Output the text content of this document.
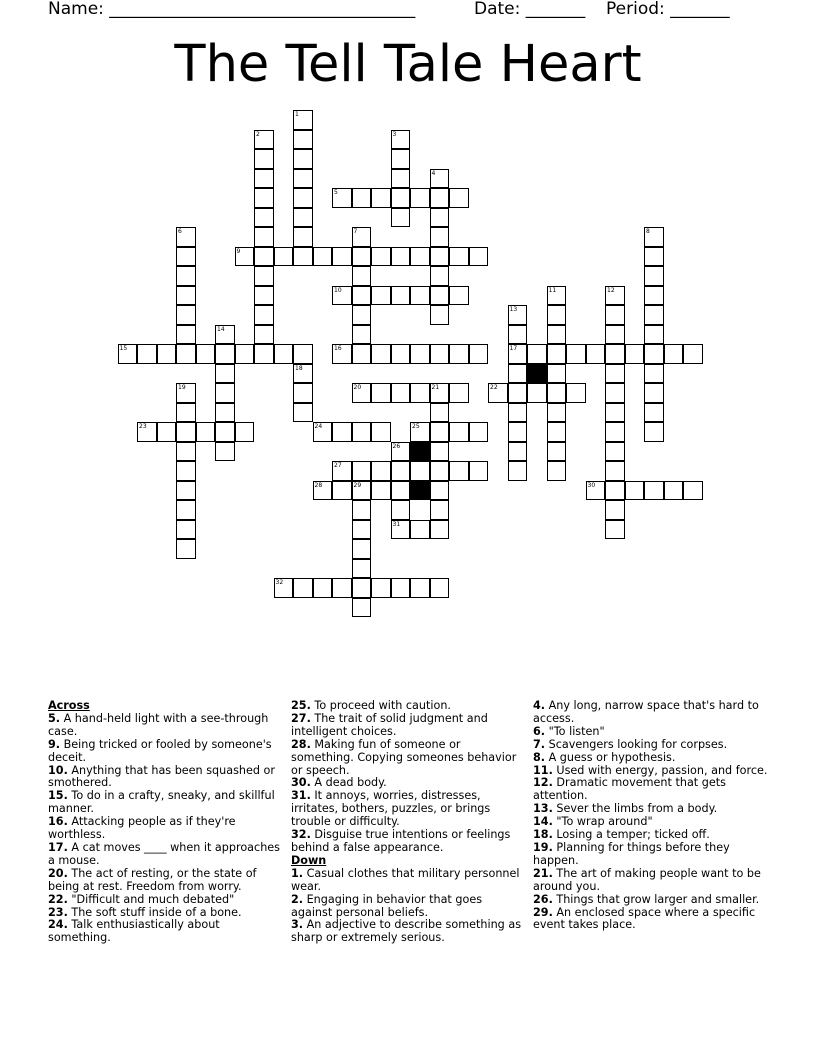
Name: ____________________________________	Date: _______ Period: _______
The Tell Tale Heart
1
2	3
4
5
6	7	8
9
10	11	12
13
17
14
15	16
18
19	20	21	22
23	24	25
26
27
28	29	30
31
32

Across

5. A hand-held light with a see-through case.

9. Being tricked or fooled by someone's deceit.

10. Anything that has been squashed or smothered.

15. To do in a crafty, sneaky, and skillful manner.

16. Attacking people as if they're worthless.

17. A cat moves ____ when it approaches a mouse.

20. The act of resting, or the state of being at rest. Freedom from worry.

22. "Difficult and much debated"

23. The soft stuff inside of a bone.

24. Talk enthusiastically about something.

25. To proceed with caution.

27. The trait of solid judgment and intelligent choices.

28. Making fun of someone or something. Copying someones behavior or speech.

30. A dead body.

31. It annoys, worries, distresses, irritates, bothers, puzzles, or brings trouble or difficulty.

32. Disguise true intentions or feelings behind a false appearance.

Down

1. Casual clothes that military personnel wear.

2. Engaging in behavior that goes against personal beliefs.

3. An adjective to describe something as sharp or extremely serious.

4. Any long, narrow space that's hard to access.

6. "To listen"

7. Scavengers looking for corpses.

8. A guess or hypothesis.

11. Used with energy, passion, and force.

12. Dramatic movement that gets attention.

13. Sever the limbs from a body.

14. "To wrap around"

18. Losing a temper; ticked off.

19. Planning for things before they happen.

21. The art of making people want to be around you.

26. Things that grow larger and smaller.

29. An enclosed space where a specific event takes place.
